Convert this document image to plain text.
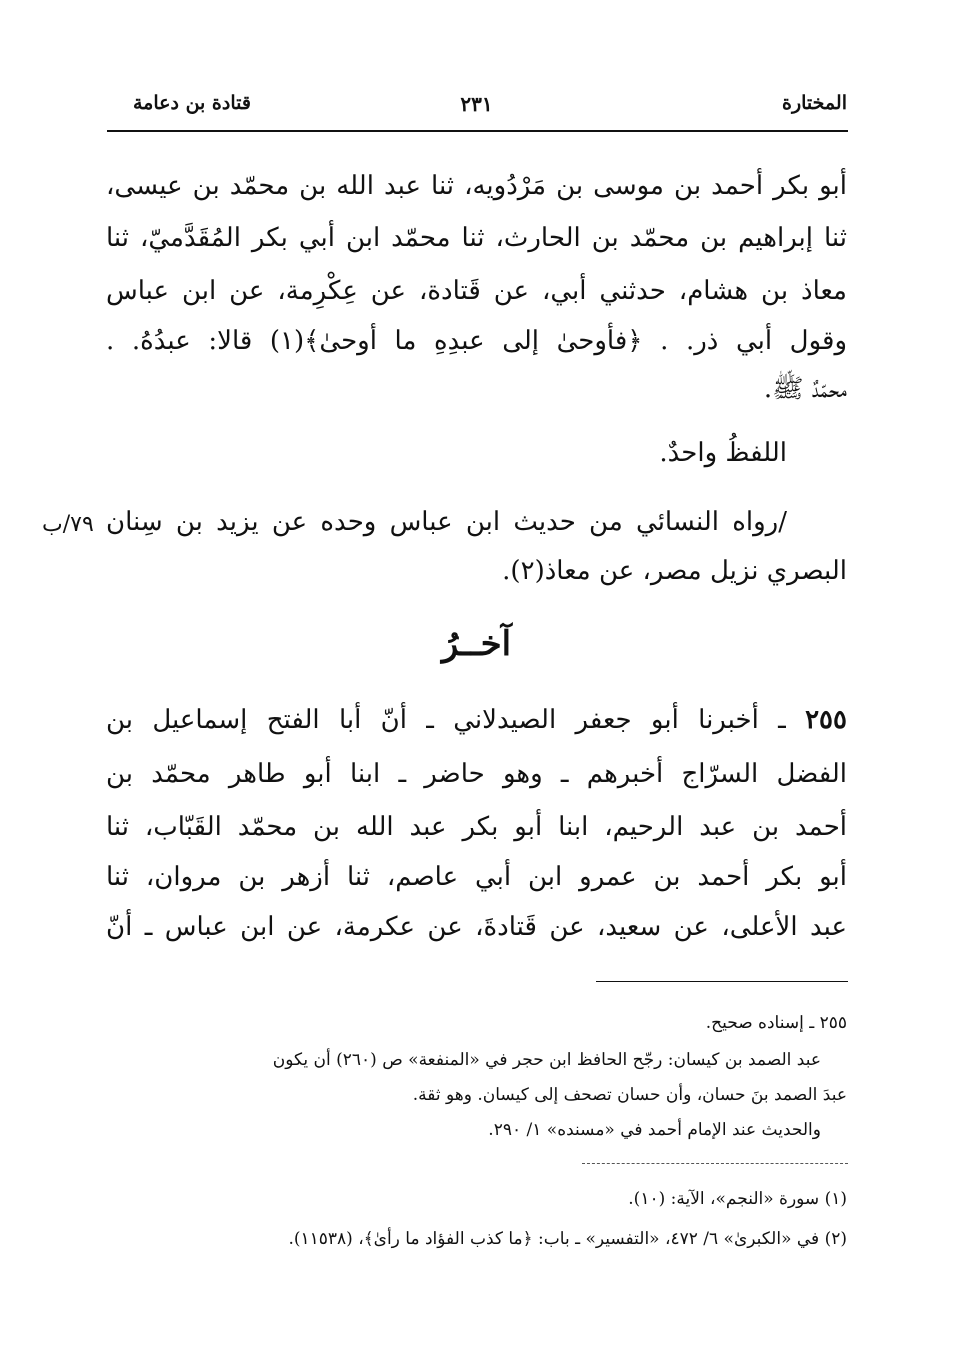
المختارة
٢٣١
قتادة بن دعامة
أبو بكر أحمد بن موسى بن مَرْدُويه، ثنا عبد الله بن محمّد بن عيسى،
ثنا إبراهيم بن محمّد بن الحارث، ثنا محمّد ابن أبي بكر المُقَدَّميّ، ثنا
معاذ بن هشام، حدثني أبي، عن قَتادة، عن عِكْرِمة، عن ابن عباس
وقول أبي ذر. . ﴿فأوحىٰ إلى عبدِهِ ما أوحىٰ﴾(١) قالا: عبدُهُ. .
محمّدٌ ﷺ.
اللفظُ واحدٌ.
/رواه النسائي من حديث ابن عباس وحده عن يزيد بن سِنان
البصري نزيل مصر، عن معاذ(٢).
٧٩/ب
آخــرُ
٢٥٥ ـ أخبرنا أبو جعفر الصيدلاني ـ أنّ أبا الفتح إسماعيل بن
الفضل السرّاج أخبرهم ـ وهو حاضر ـ ابنا أبو طاهر محمّد بن
أحمد بن عبد الرحيم، ابنا أبو بكر عبد الله بن محمّد القَبّاب، ثنا
أبو بكر أحمد بن عمرو ابن أبي عاصم، ثنا أزهر بن مروان، ثنا
عبد الأعلى، عن سعيد، عن قَتادةَ، عن عكرمة، عن ابن عباس ـ أنّ
٢٥٥ ـ إسناده صحيح.
عبد الصمد بن كيسان: رجّح الحافظ ابن حجر في «المنفعة» ص (٢٦٠) أن يكون
عبدَ الصمد بنَ حسان، وأن حسان تصحف إلى كيسان. وهو ثقة.
والحديث عند الإمام أحمد في «مسنده» ١/ ٢٩٠.
(١) سورة «النجم»، الآية: (١٠).
(٢) في «الكبرىٰ» ٦/ ٤٧٢، «التفسير» ـ باب: ﴿ما كذب الفؤاد ما رأىٰ﴾، (١١٥٣٨).
